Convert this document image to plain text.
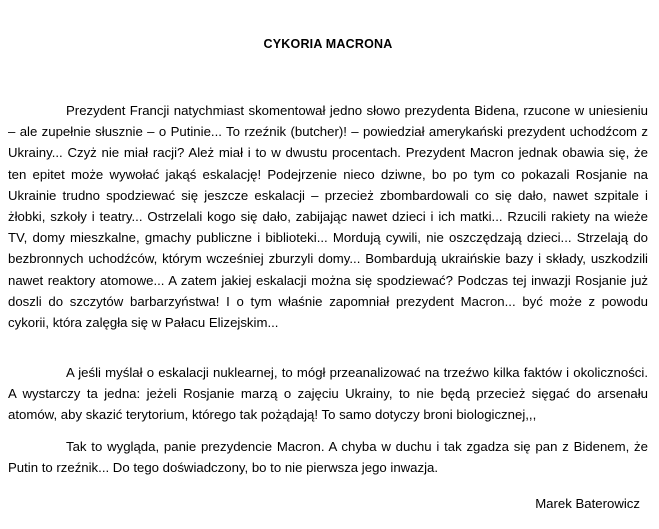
CYKORIA MACRONA

Prezydent Francji natychmiast skomentował jedno słowo prezydenta Bidena, rzucone w uniesieniu – ale zupełnie słusznie – o Putinie... To rzeźnik (butcher)! – powiedział amerykański prezydent uchodźcom z Ukrainy... Czyż nie miał racji? Ależ miał i to w dwustu procentach. Prezydent Macron jednak obawia się, że ten epitet może wywołać jakąś eskalację! Podejrzenie nieco dziwne, bo po tym co pokazali Rosjanie na Ukrainie trudno spodziewać się jeszcze eskalacji – przecież zbombardowali co się dało, nawet szpitale i żłobki, szkoły i teatry... Ostrzelali kogo się dało, zabijając nawet dzieci i ich matki... Rzucili rakiety na wieże TV, domy mieszkalne, gmachy publiczne i biblioteki... Mordują cywili, nie oszczędzają dzieci... Strzelają do bezbronnych uchodźców, którym wcześniej zburzyli domy... Bombardują ukraińskie bazy i składy, uszkodzili nawet reaktory atomowe... A zatem jakiej eskalacji można się spodziewać? Podczas tej inwazji Rosjanie już doszli do szczytów barbarzyństwa! I o tym właśnie zapomniał prezydent Macron... być może z powodu cykorii, która zalęgła się w Pałacu Elizejskim...

A jeśli myślał o eskalacji nuklearnej, to mógł przeanalizować na trzeźwo kilka faktów i okoliczności. A wystarczy ta jedna: jeżeli Rosjanie marzą o zajęciu Ukrainy, to nie będą przecież sięgać do arsenału atomów, aby skazić terytorium, którego tak pożądają! To samo dotyczy broni biologicznej,,,

Tak to wygląda, panie prezydencie Macron. A chyba w duchu i tak zgadza się pan z Bidenem, że Putin to rzeźnik... Do tego doświadczony, bo to nie pierwsza jego inwazja.

Marek Baterowicz
